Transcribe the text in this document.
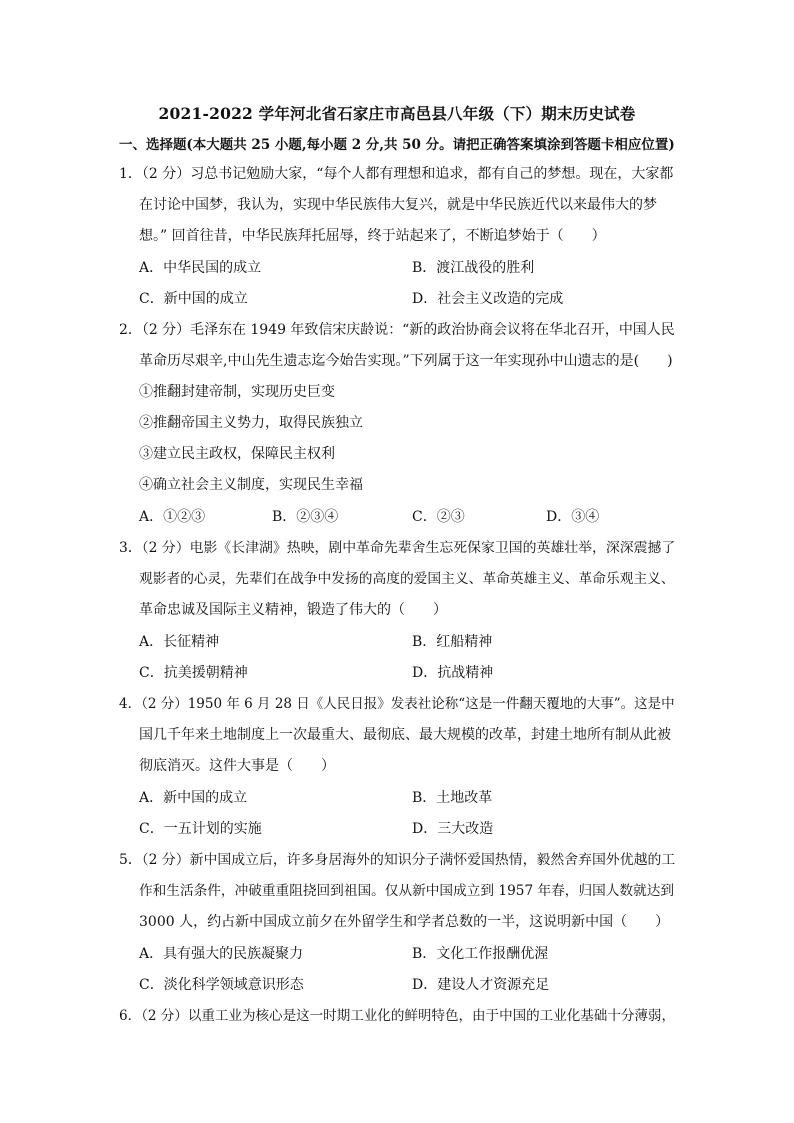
2021-2022 学年河北省石家庄市高邑县八年级（下）期末历史试卷
一、选择题(本大题共 25 小题,每小题 2 分,共 50 分。请把正确答案填涂到答题卡相应位置)
1．（2 分）习总书记勉励大家，“每个人都有理想和追求，都有自己的梦想。现在，大家都
在讨论中国梦，我认为，实现中华民族伟大复兴，就是中华民族近代以来最伟大的梦
想。” 回首往昔，中华民族拜托屈辱，终于站起来了，不断追梦始于（　　）
A．中华民国的成立	B．渡江战役的胜利
C．新中国的成立	D．社会主义改造的完成
2．（2 分）毛泽东在 1949 年致信宋庆龄说：“新的政治协商会议将在华北召开，中国人民
革命历尽艰辛,中山先生遗志迄今始告实现。”下列属于这一年实现孙中山遗志的是(　　)
①推翻封建帝制，实现历史巨变
②推翻帝国主义势力，取得民族独立
③建立民主政权，保障民主权利
④确立社会主义制度，实现民生幸福
A．①②③	B．②③④	C．②③	D．③④
3．（2 分）电影《长津湖》热映，剧中革命先辈舍生忘死保家卫国的英雄壮举，深深震撼了
观影者的心灵，先辈们在战争中发扬的高度的爱国主义、革命英雄主义、革命乐观主义、
革命忠诚及国际主义精神，锻造了伟大的（　　）
A．长征精神	B．红船精神
C．抗美援朝精神	D．抗战精神
4．（2 分）1950 年 6 月 28 日《人民日报》发表社论称“这是一件翻天覆地的大事”。这是中
国几千年来土地制度上一次最重大、最彻底、最大规模的改革，封建土地所有制从此被
彻底消灭。这件大事是（　　）
A．新中国的成立	B．土地改革
C．一五计划的实施	D．三大改造
5．（2 分）新中国成立后，许多身居海外的知识分子满怀爱国热情，毅然舍弃国外优越的工
作和生活条件，冲破重重阻挠回到祖国。仅从新中国成立到 1957 年春，归国人数就达到
3000 人，约占新中国成立前夕在外留学生和学者总数的一半，这说明新中国（　　）
A．具有强大的民族凝聚力	B．文化工作报酬优渥
C．淡化科学领域意识形态	D．建设人才资源充足
6．（2 分）以重工业为核心是这一时期工业化的鲜明特色，由于中国的工业化基础十分薄弱，
